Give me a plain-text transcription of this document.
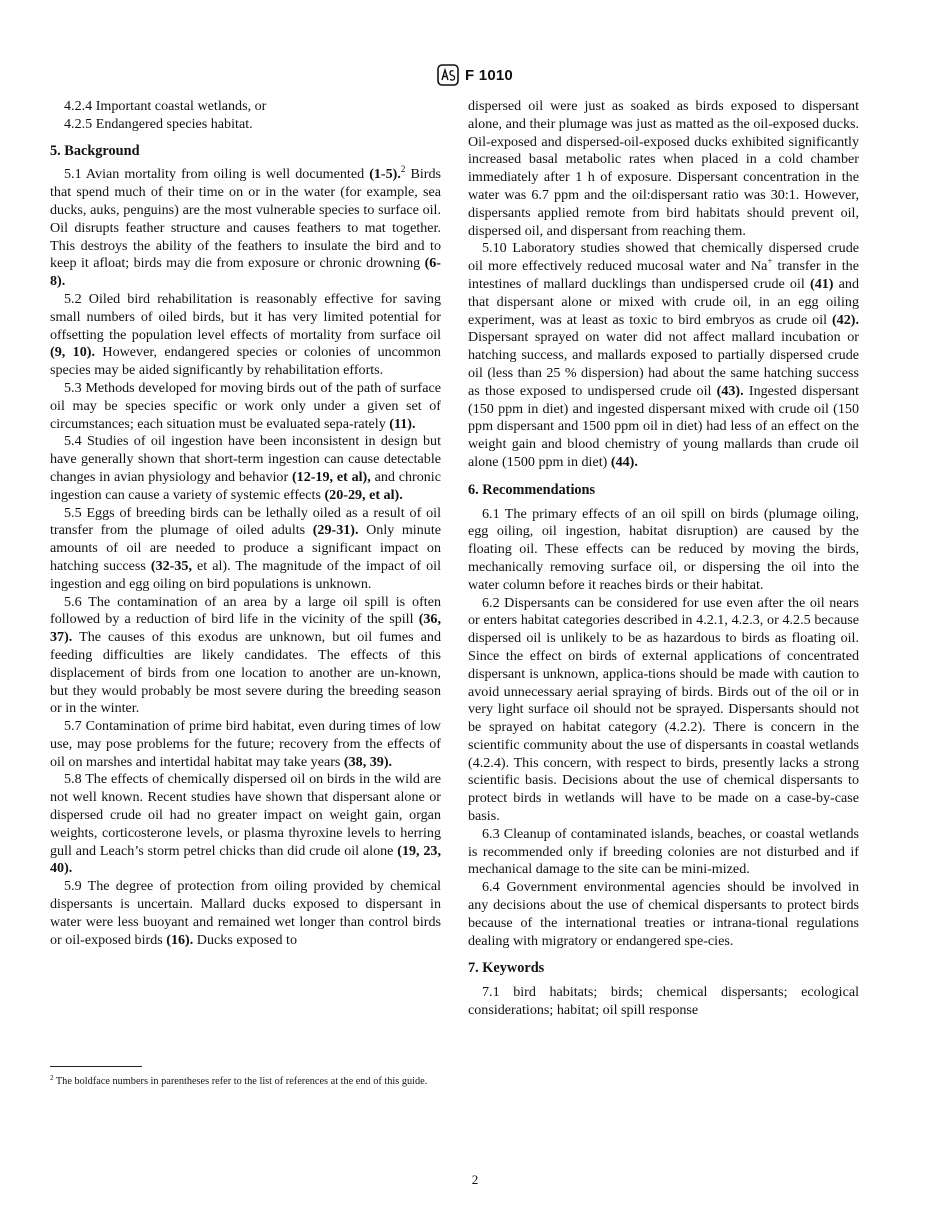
F 1010

4.2.4 Important coastal wetlands, or

4.2.5 Endangered species habitat.

5. Background

5.1 Avian mortality from oiling is well documented (1-5).$^2$ Birds that spend much of their time on or in the water (for example, sea ducks, auks, penguins) are the most vulnerable species to surface oil. Oil disrupts feather structure and causes feathers to mat together. This destroys the ability of the feathers to insulate the bird and to keep it afloat; birds may die from exposure or chronic drowning (6-8).

5.2 Oiled bird rehabilitation is reasonably effective for saving small numbers of oiled birds, but it has very limited potential for offsetting the population level effects of mortality from surface oil (9, 10). However, endangered species or colonies of uncommon species may be aided significantly by rehabilitation efforts.

5.3 Methods developed for moving birds out of the path of surface oil may be species specific or work only under a given set of circumstances; each situation must be evaluated sepa-rately (11).

5.4 Studies of oil ingestion have been inconsistent in design but have generally shown that short-term ingestion can cause detectable changes in avian physiology and behavior (12-19, et al), and chronic ingestion can cause a variety of systemic effects (20-29, et al).

5.5 Eggs of breeding birds can be lethally oiled as a result of oil transfer from the plumage of oiled adults (29-31). Only minute amounts of oil are needed to produce a significant impact on hatching success (32-35, et al). The magnitude of the impact of oil ingestion and egg oiling on bird populations is unknown.

5.6 The contamination of an area by a large oil spill is often followed by a reduction of bird life in the vicinity of the spill (36, 37). The causes of this exodus are unknown, but oil fumes and feeding difficulties are likely candidates. The effects of this displacement of birds from one location to another are un-known, but they would probably be most severe during the breeding season or in the winter.

5.7 Contamination of prime bird habitat, even during times of low use, may pose problems for the future; recovery from the effects of oil on marshes and intertidal habitat may take years (38, 39).

5.8 The effects of chemically dispersed oil on birds in the wild are not well known. Recent studies have shown that dispersant alone or dispersed crude oil had no greater impact on weight gain, organ weights, corticosterone levels, or plasma thyroxine levels to herring gull and Leach’s storm petrel chicks than did crude oil alone (19, 23, 40).

5.9 The degree of protection from oiling provided by chemical dispersants is uncertain. Mallard ducks exposed to dispersant in water were less buoyant and remained wet longer than control birds or oil-exposed birds (16). Ducks exposed to

dispersed oil were just as soaked as birds exposed to dispersant alone, and their plumage was just as matted as the oil-exposed ducks. Oil-exposed and dispersed-oil-exposed ducks exhibited significantly increased basal metabolic rates when placed in a cold chamber immediately after 1 h of exposure. Dispersant concentration in the water was 6.7 ppm and the oil:dispersant ratio was 30:1. However, dispersants applied remote from bird habitats should prevent oil, dispersed oil, and dispersant from reaching them.

5.10 Laboratory studies showed that chemically dispersed crude oil more effectively reduced mucosal water and Na+ transfer in the intestines of mallard ducklings than undispersed crude oil (41) and that dispersant alone or mixed with crude oil, in an egg oiling experiment, was at least as toxic to bird embryos as crude oil (42). Dispersant sprayed on water did not affect mallard incubation or hatching success, and mallards exposed to partially dispersed crude oil (less than 25 % dispersion) had about the same hatching success as those exposed to undispersed crude oil (43). Ingested dispersant (150 ppm in diet) and ingested dispersant mixed with crude oil (150 ppm dispersant and 1500 ppm oil in diet) had less of an effect on the weight gain and blood chemistry of young mallards than crude oil alone (1500 ppm in diet) (44).

6. Recommendations

6.1 The primary effects of an oil spill on birds (plumage oiling, egg oiling, oil ingestion, habitat disruption) are caused by the floating oil. These effects can be reduced by moving the birds, mechanically removing surface oil, or dispersing the oil into the water column before it reaches birds or their habitat.

6.2 Dispersants can be considered for use even after the oil nears or enters habitat categories described in 4.2.1, 4.2.3, or 4.2.5 because dispersed oil is unlikely to be as hazardous to birds as floating oil. Since the effect on birds of external applications of concentrated dispersant is unknown, applica-tions should be made with caution to avoid unnecessary aerial spraying of birds. Birds out of the oil or in very light surface oil should not be sprayed. Dispersants should not be sprayed on habitat category (4.2.2). There is concern in the scientific community about the use of dispersants in coastal wetlands (4.2.4). This concern, with respect to birds, presently lacks a strong scientific basis. Decisions about the use of chemical dispersants to protect birds in wetlands will have to be made on a case-by-case basis.

6.3 Cleanup of contaminated islands, beaches, or coastal wetlands is recommended only if breeding colonies are not disturbed and if mechanical damage to the site can be mini-mized.

6.4 Government environmental agencies should be involved in any decisions about the use of chemical dispersants to protect birds because of the international treaties or intrana-tional regulations dealing with migratory or endangered spe-cies.

7. Keywords

7.1 bird habitats; birds; chemical dispersants; ecological considerations; habitat; oil spill response

$^2$ The boldface numbers in parentheses refer to the list of references at the end of this guide.
2
